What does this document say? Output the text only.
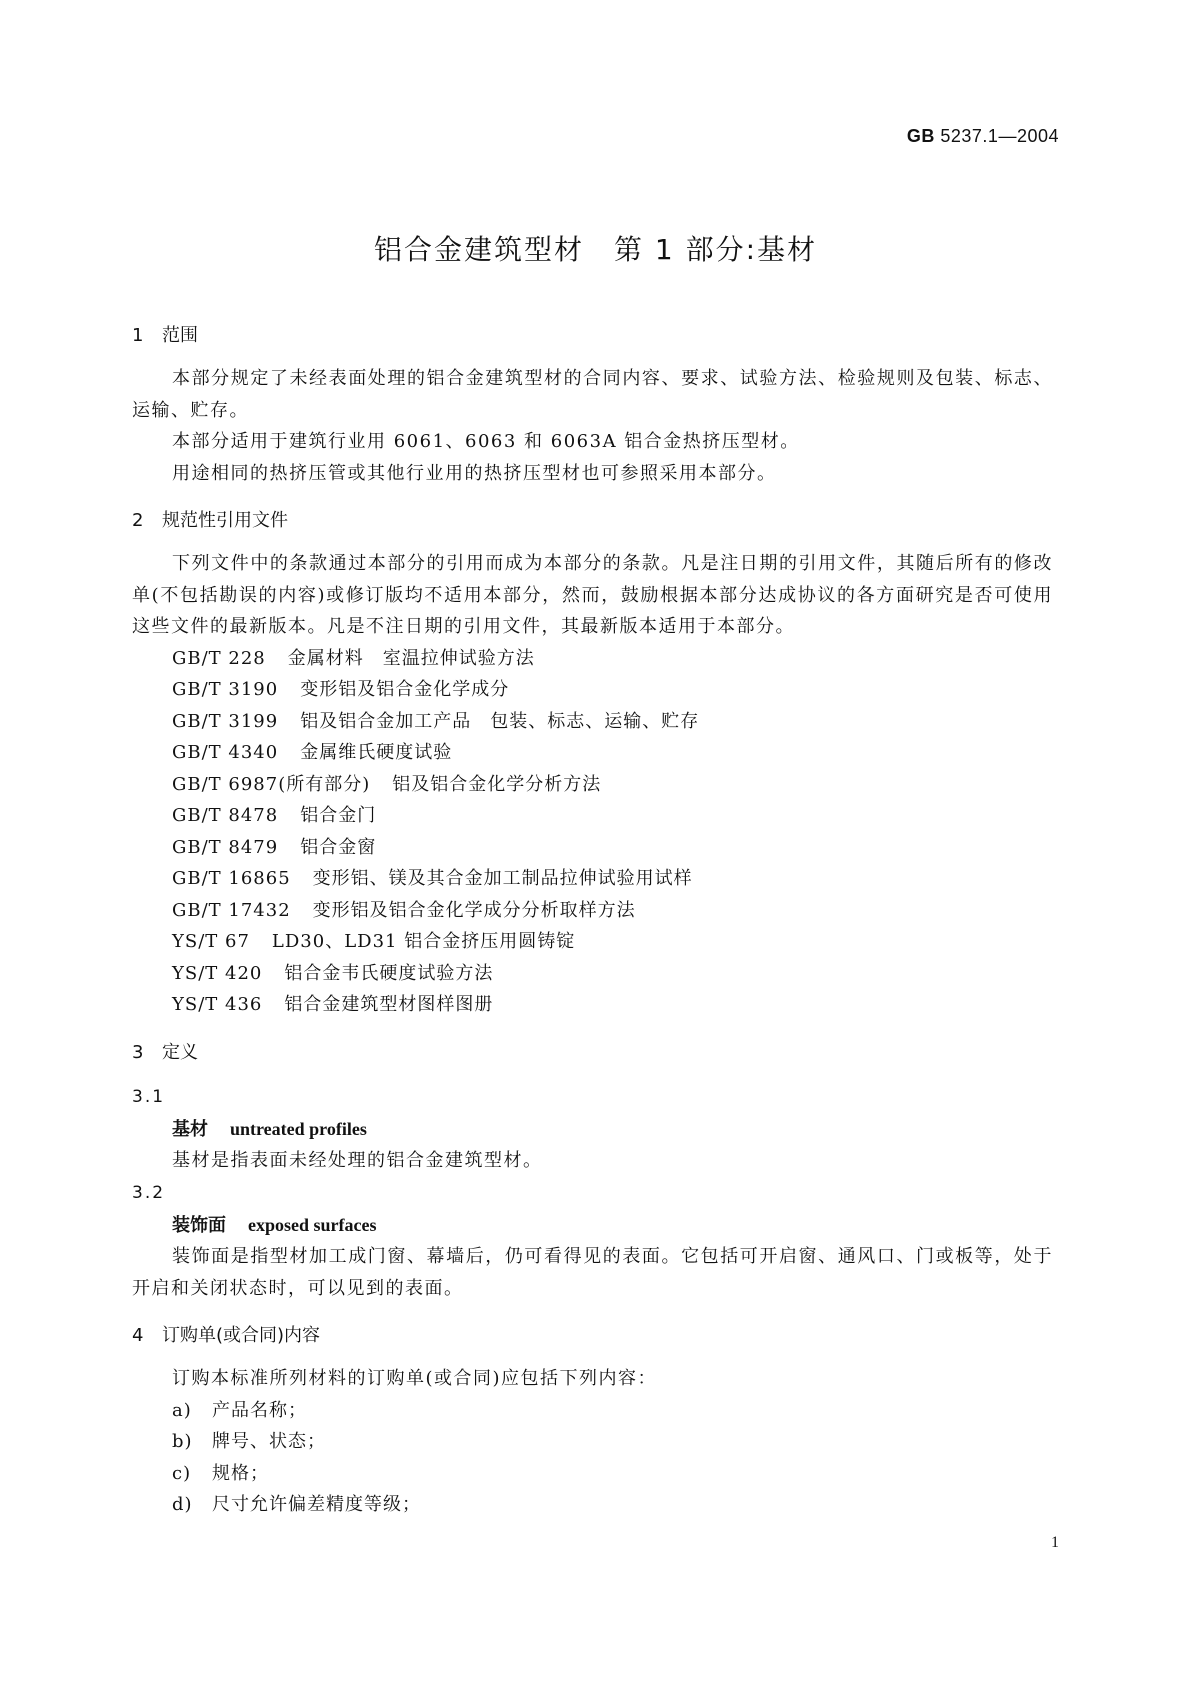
GB 5237.1—2004
铝合金建筑型材　第 1 部分:基材
1 范围

本部分规定了未经表面处理的铝合金建筑型材的合同内容、要求、试验方法、检验规则及包装、标志、运输、贮存。

本部分适用于建筑行业用 6061、6063 和 6063A 铝合金热挤压型材。

用途相同的热挤压管或其他行业用的热挤压型材也可参照采用本部分。

2 规范性引用文件

下列文件中的条款通过本部分的引用而成为本部分的条款。凡是注日期的引用文件，其随后所有的修改单(不包括勘误的内容)或修订版均不适用本部分，然而，鼓励根据本部分达成协议的各方面研究是否可使用这些文件的最新版本。凡是不注日期的引用文件，其最新版本适用于本部分。

GB/T 228 金属材料　室温拉伸试验方法
GB/T 3190 变形铝及铝合金化学成分
GB/T 3199 铝及铝合金加工产品　包装、标志、运输、贮存
GB/T 4340 金属维氏硬度试验
GB/T 6987(所有部分) 铝及铝合金化学分析方法
GB/T 8478 铝合金门
GB/T 8479 铝合金窗
GB/T 16865 变形铝、镁及其合金加工制品拉伸试验用试样
GB/T 17432 变形铝及铝合金化学成分分析取样方法
YS/T 67 LD30、LD31 铝合金挤压用圆铸锭
YS/T 420 铝合金韦氏硬度试验方法
YS/T 436 铝合金建筑型材图样图册
3 定义
3.1
基材 untreated profiles

基材是指表面未经处理的铝合金建筑型材。

3.2
装饰面 exposed surfaces

装饰面是指型材加工成门窗、幕墙后，仍可看得见的表面。它包括可开启窗、通风口、门或板等，处于开启和关闭状态时，可以见到的表面。

4 订购单(或合同)内容

订购本标准所列材料的订购单(或合同)应包括下列内容：

a) 产品名称；
b) 牌号、状态；
c) 规格；
d) 尺寸允许偏差精度等级；
1
